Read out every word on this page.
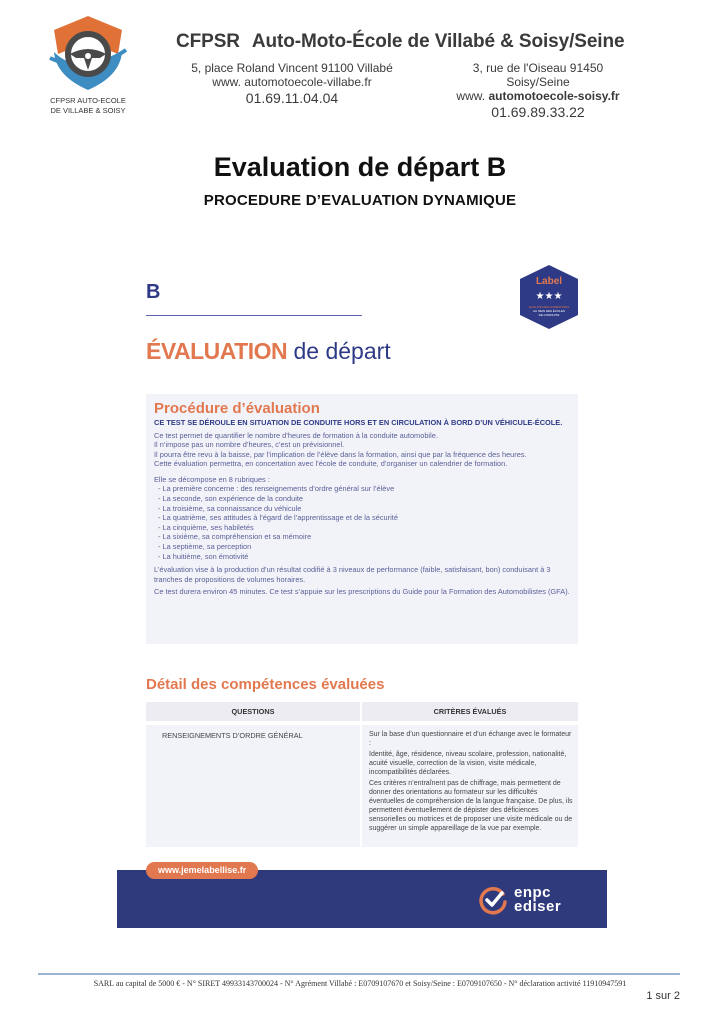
CFPSR AUTO-ECOLE
DE VILLABE & SOISY
CFPSR Auto-Moto-École de Villabé & Soisy/Seine
5, place Roland Vincent 91100 Villabé
www. automotoecole-villabe.fr
01.69.11.04.04
3, rue de l'Oiseau 91450 Soisy/Seine
www. automotoecole-soisy.fr
01.69.89.33.22
Evaluation de départ B
PROCEDURE D’EVALUATION DYNAMIQUE
B	Label
★★★
QUALITÉ DES FORMATIONS
AU SEIN DES ÉCOLES
DE CONDUITE
ÉVALUATION de départ
Procédure d’évaluation
CE TEST SE DÉROULE EN SITUATION DE CONDUITE HORS ET EN CIRCULATION À BORD D’UN VÉHICULE-ÉCOLE.
Ce test permet de quantifier le nombre d’heures de formation à la conduite automobile.
Il n’impose pas un nombre d’heures, c’est un prévisionnel.
Il pourra être revu à la baisse, par l’implication de l’élève dans la formation, ainsi que par la fréquence des heures.
Cette évaluation permettra, en concertation avec l’école de conduite, d’organiser un calendrier de formation.

Elle se décompose en 8 rubriques :

- La première concerne : des renseignements d’ordre général sur l’élève
- La seconde, son expérience de la conduite
- La troisième, sa connaissance du véhicule
- La quatrième, ses attitudes à l’égard de l’apprentissage et de la sécurité
- La cinquième, ses habiletés
- La sixième, sa compréhension et sa mémoire
- La septième, sa perception
- La huitième, son émotivité

L’évaluation vise à la production d’un résultat codifié à 3 niveaux de performance (faible, satisfaisant, bon) conduisant à 3 tranches de propositions de volumes horaires.

Ce test durera environ 45 minutes. Ce test s’appuie sur les prescriptions du Guide pour la Formation des Automobilistes (GFA).

Détail des compétences évaluées
QUESTIONS	CRITÈRES ÉVALUÉS
RENSEIGNEMENTS D’ORDRE GÉNÉRAL	Sur la base d’un questionnaire et d’un échange avec le formateur :

Identité, âge, résidence, niveau scolaire, profession, nationalité, acuité visuelle, correction de la vision, visite médicale, incompatibilités déclarées.

Ces critères n’entraînent pas de chiffrage, mais permettent de donner des orientations au formateur sur les difficultés éventuelles de compréhension de la langue française. De plus, ils permettent éventuellement de dépister des déficiences sensorielles ou motrices et de proposer une visite médicale ou de suggérer un simple appareillage de la vue par exemple.

www.jemelabellise.fr
enpc
ediser
SARL au capital de 5000 € - N° SIRET 49933143700024 - N° Agrément Villabé : E0709107670 et Soisy/Seine : E0709107650 - N° déclaration activité 11910947591
1 sur 2
